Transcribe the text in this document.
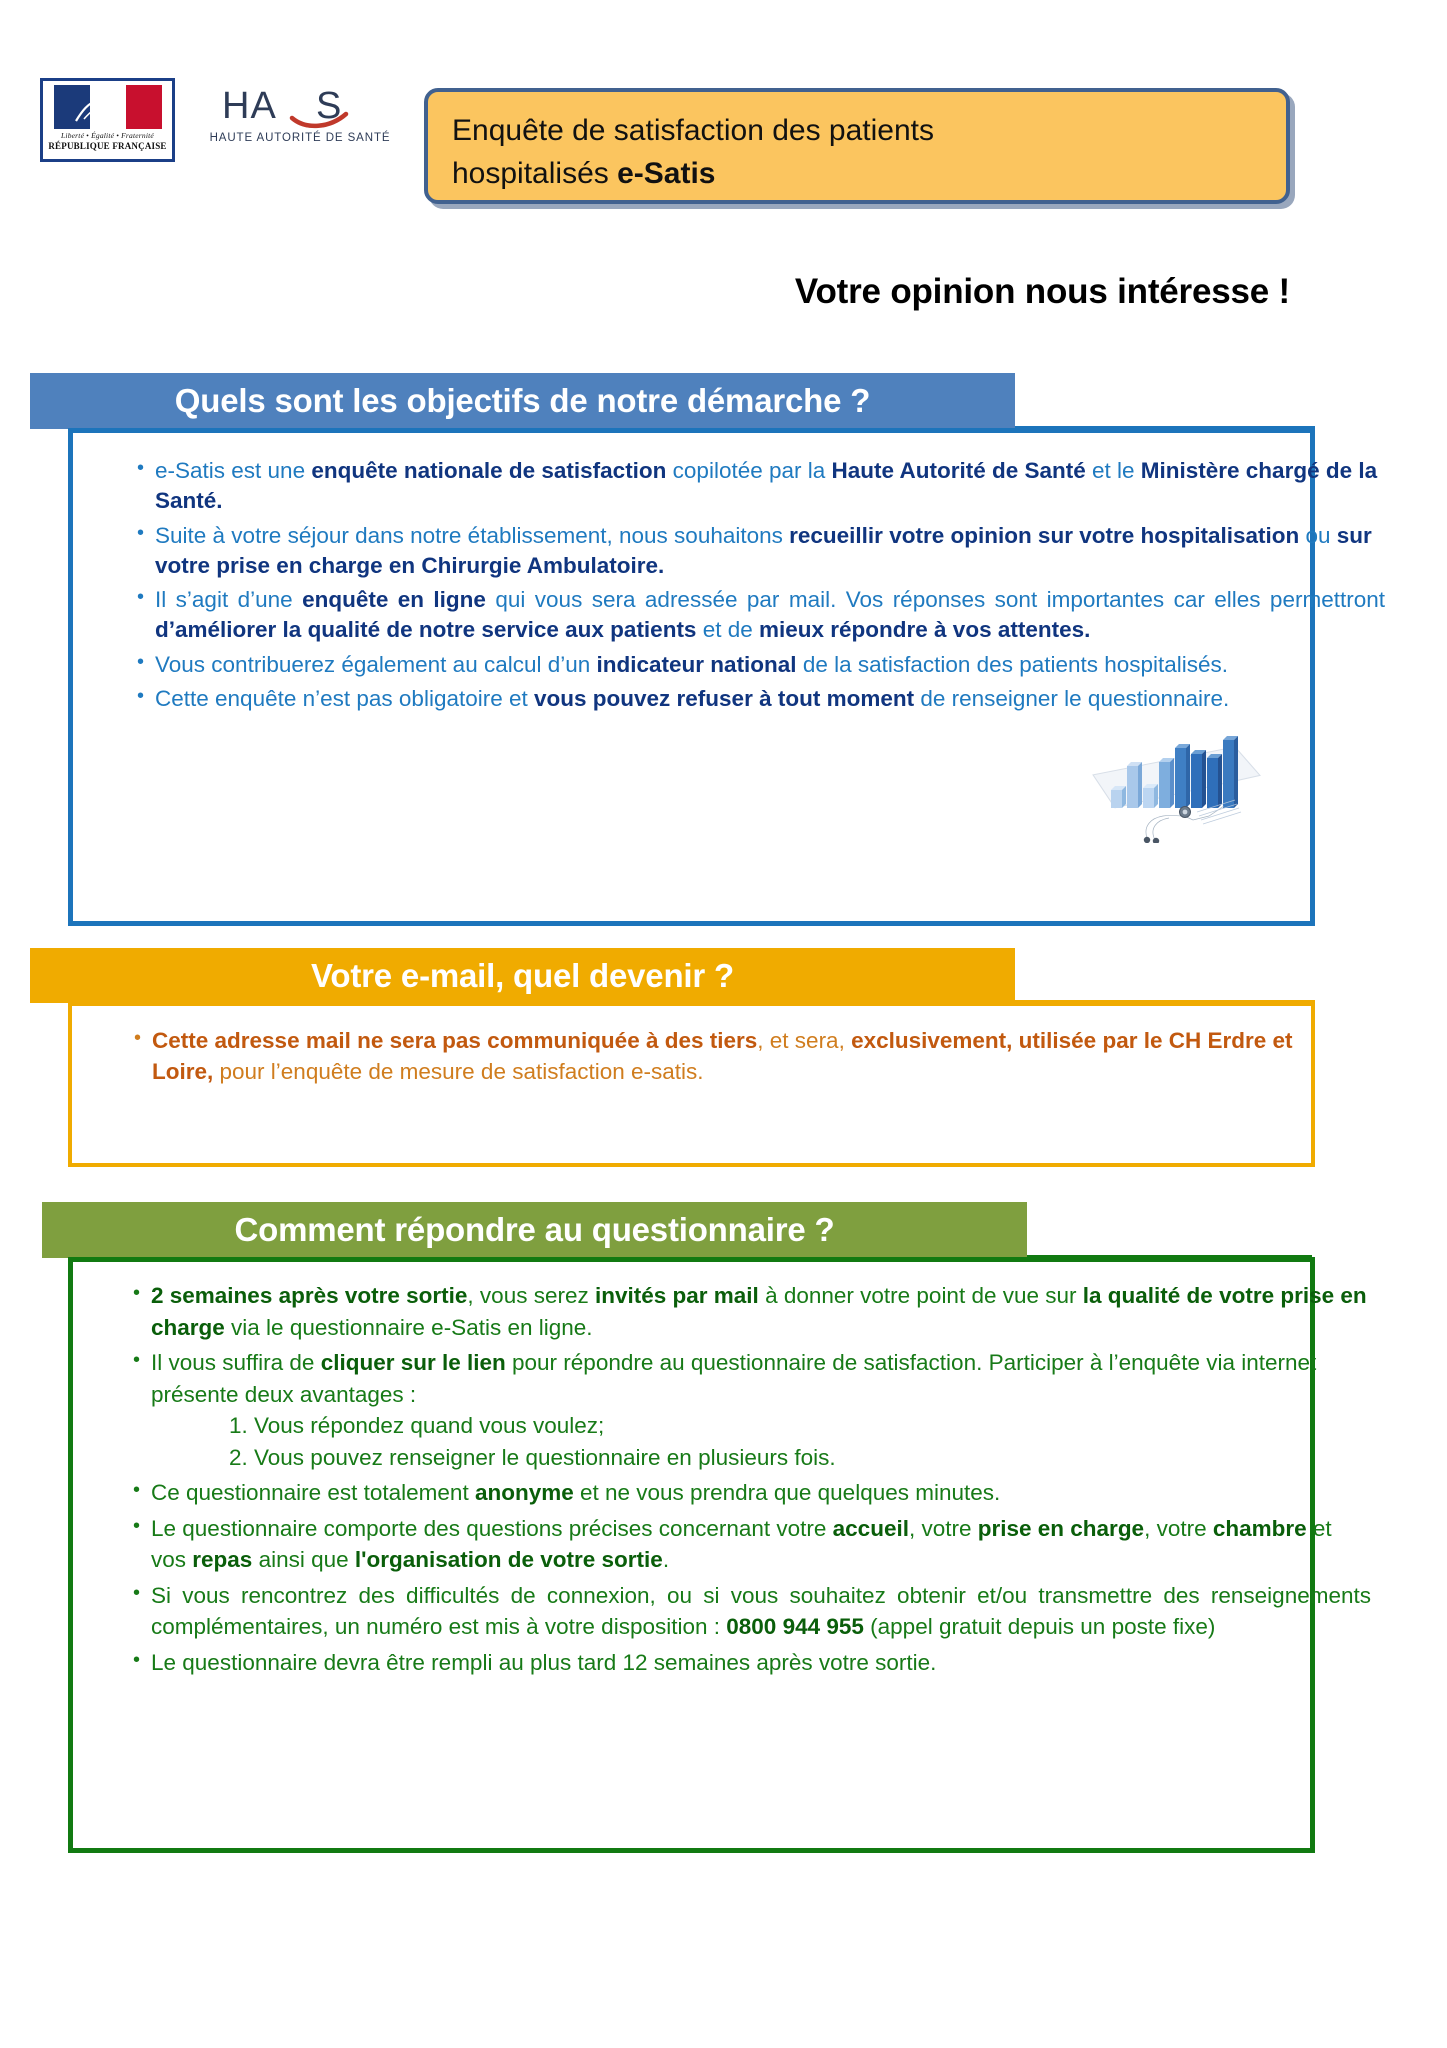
Liberté • Égalité • Fraternité
RÉPUBLIQUE FRANÇAISE
HA S
HAUTE AUTORITÉ DE SANTÉ	Enquête de satisfaction des patients
hospitalisés e-Satis
Votre opinion nous intéresse !
Quels sont les objectifs de notre démarche ?
• e-Satis est une enquête nationale de satisfaction copilotée par la Haute Autorité de Santé et le Ministère chargé de la Santé.
• Suite à votre séjour dans notre établissement, nous souhaitons recueillir votre opinion sur votre hospitalisation ou sur votre prise en charge en Chirurgie Ambulatoire.
• Il s’agit d’une enquête en ligne qui vous sera adressée par mail. Vos réponses sont importantes car elles permettront d’améliorer la qualité de notre service aux patients et de mieux répondre à vos attentes.
• Vous contribuerez également au calcul d’un indicateur national de la satisfaction des patients hospitalisés.
• Cette enquête n’est pas obligatoire et vous pouvez refuser à tout moment de renseigner le questionnaire.
Votre e-mail, quel devenir ?
• Cette adresse mail ne sera pas communiquée à des tiers, et sera, exclusivement, utilisée par le CH Erdre et Loire, pour l’enquête de mesure de satisfaction e-satis.
Comment répondre au questionnaire ?
• 2 semaines après votre sortie, vous serez invités par mail à donner votre point de vue sur la qualité de votre prise en charge via le questionnaire e-Satis en ligne.
• Il vous suffira de cliquer sur le lien pour répondre au questionnaire de satisfaction. Participer à l’enquête via internet présente deux avantages :
1. Vous répondez quand vous voulez;
2. Vous pouvez renseigner le questionnaire en plusieurs fois.
• Ce questionnaire est totalement anonyme et ne vous prendra que quelques minutes.
• Le questionnaire comporte des questions précises concernant votre accueil, votre prise en charge, votre chambre et vos repas ainsi que l'organisation de votre sortie.
• Si vous rencontrez des difficultés de connexion, ou si vous souhaitez obtenir et/ou transmettre des renseignements complémentaires, un numéro est mis à votre disposition : 0800 944 955 (appel gratuit depuis un poste fixe)
• Le questionnaire devra être rempli au plus tard 12 semaines après votre sortie.
